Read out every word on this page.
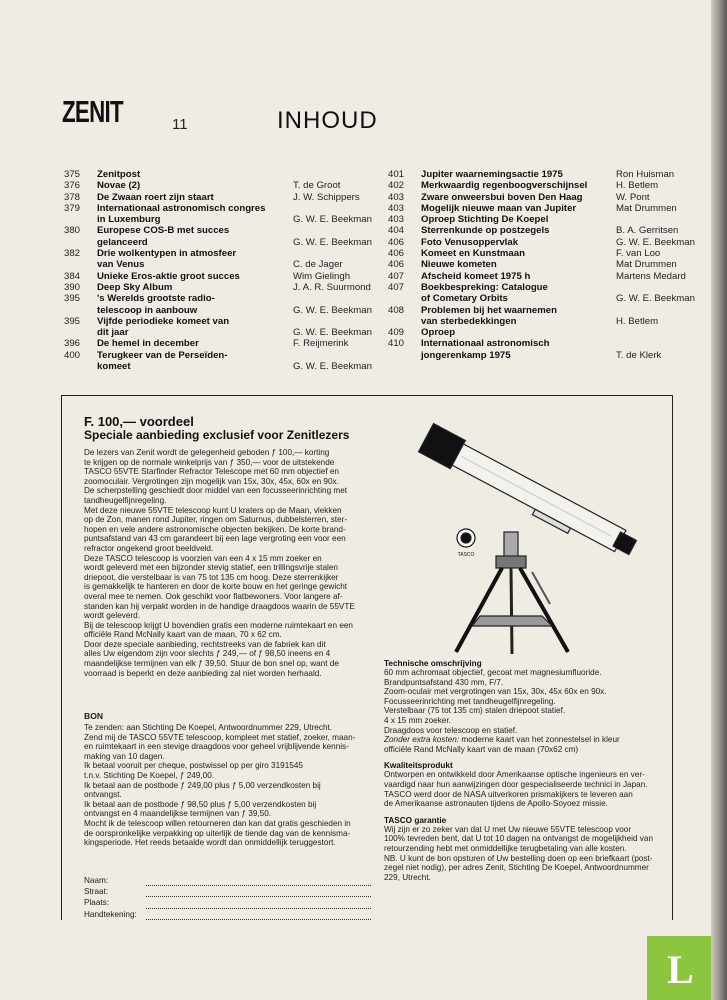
ZENIT	11	INHOUD
375	Zenitpost
376	Novae (2)	T. de Groot
378	De Zwaan roert zijn staart	J. W. Schippers
379	Internationaal astronomisch congres
in Luxemburg	G. W. E. Beekman
380	Europese COS-B met succes
gelanceerd	G. W. E. Beekman
382	Drie wolkentypen in atmosfeer
van Venus	C. de Jager
384	Unieke Eros-aktie groot succes	Wim Gielingh
390	Deep Sky Album	J. A. R. Suurmond
395	's Werelds grootste radio-
telescoop in aanbouw	G. W. E. Beekman
395	Vijfde periodieke komeet van
dit jaar	G. W. E. Beekman
396	De hemel in december	F. Reijmerink
400	Terugkeer van de Perseïden-
komeet	G. W. E. Beekman
401	Jupiter waarnemingsactie 1975	Ron Huisman
402	Merkwaardig regenboogverschijnsel	H. Betlem
403	Zware onweersbui boven Den Haag	W. Pont
403	Mogelijk nieuwe maan van Jupiter	Mat Drummen
403	Oproep Stichting De Koepel
404	Sterrenkunde op postzegels	B. A. Gerritsen
406	Foto Venusoppervlak	G. W. E. Beekman
406	Komeet en Kunstmaan	F. van Loo
406	Nieuwe kometen	Mat Drummen
407	Afscheid komeet 1975 h	Martens Medard
407	Boekbespreking: Catalogue
of Cometary Orbits	G. W. E. Beekman
408	Problemen bij het waarnemen
van sterbedekkingen	H. Betlem
409	Oproep
410	Internationaal astronomisch
jongerenkamp 1975	T. de Klerk
F. 100,— voordeel
Speciale aanbieding exclusief voor Zenitlezers
De lezers van Zenit wordt de gelegenheid geboden ƒ 100,— korting
te krijgen op de normale winkelprijs van ƒ 350,— voor de uitstekende
TASCO 55VTE Starfinder Refractor Telescope met 60 mm objectief en
zoomoculair. Vergrotingen zijn mogelijk van 15x, 30x, 45x, 60x en 90x.
De scherpstelling geschiedt door middel van een focusseerinrichting met
tandheugelfijnregeling.
Met deze nieuwe 55VTE telescoop kunt U kraters op de Maan, vlekken
op de Zon, manen rond Jupiter, ringen om Saturnus, dubbelsterren, ster-
hopen en vele andere astronomische objecten bekijken. De korte brand-
puntsafstand van 43 cm garandeert bij een lage vergroting een voor een
refractor ongekend groot beeldveld.
Deze TASCO telescoop is voorzien van een 4 x 15 mm zoeker en
wordt geleverd met een bijzonder stevig statief, een trillingsvrije stalen
driepoot, die verstelbaar is van 75 tot 135 cm hoog. Deze sterrenkijker
is gemakkelijk te hanteren en door de korte bouw en het geringe gewicht
overal mee te nemen. Ook geschikt voor flatbewoners. Voor langere af-
standen kan hij verpakt worden in de handige draagdoos waarin de 55VTE
wordt geleverd.
Bij de telescoop krijgt U bovendien gratis een moderne ruimtekaart en een
officiële Rand McNally kaart van de maan, 70 x 62 cm.
Door deze speciale aanbieding, rechtstreeks van de fabriek kan dit
alles Uw eigendom zijn voor slechts ƒ 249,— of ƒ 98,50 ineens en 4
maandelijkse termijnen van elk ƒ 39,50. Stuur de bon snel op, want de
voorraad is beperkt en deze aanbieding zal niet worden herhaald.
BON
Te zenden: aan Stichting De Koepel, Antwoordnummer 229, Utrecht.
Zend mij de TASCO 55VTE telescoop, kompleet met statief, zoeker, maan-
en ruimtekaart in een stevige draagdoos voor geheel vrijblijvende kennis-
making van 10 dagen.
Ik betaal vooruit per cheque, postwissel op per giro 3191545
t.n.v. Stichting De Koepel, ƒ 249,00.
Ik betaal aan de postbode ƒ 249,00 plus ƒ 5,00 verzendkosten bij
ontvangst.
Ik betaal aan de postbode ƒ 98,50 plus ƒ 5,00 verzendkosten bij
ontvangst en 4 maandelijkse termijnen van ƒ 39,50.
Mocht ik de telescoop willen retourneren dan kan dat gratis geschieden in
de oorspronkelijke verpakking op uiterlijk de tiende dag van de kennisma-
kingsperiode. Het reeds betaalde wordt dan onmiddellijk teruggestort.
Naam:
Straat:
Plaats:
Handtekening:
TASCO
Technische omschrijving
60 mm achromaat objectief, gecoat met magnesiumfluoride.
Brandpuntsafstand 430 mm, F/7.
Zoom-oculair met vergrotingen van 15x, 30x, 45x 60x en 90x.
Focusseerinrichting met tandheugelfijnregeling.
Verstelbaar (75 tot 135 cm) stalen driepoot statief.
4 x 15 mm zoeker.
Draagdoos voor telescoop en statief.
Zonder extra kosten: moderne kaart van het zonnestelsel in kleur
officiële Rand McNally kaart van de maan (70x62 cm)
Kwaliteitsprodukt
Ontworpen en ontwikkeld door Amerikaanse optische ingenieurs en ver-
vaardigd naar hun aanwijzingen door gespecialiseerde technici in Japan.
TASCO werd door de NASA uitverkoren prismakijkers te leveren aan
de Amerikaanse astronauten tijdens de Apollo-Soyoez missie.
TASCO garantie
Wij zijn er zo zeker van dat U met Uw nieuwe 55VTE telescoop voor
100% tevreden bent, dat U tot 10 dagen na ontvangst de mogelijkheid van
retourzending hebt met onmiddellijke terugbetaling van alle kosten.
NB. U kunt de bon opsturen of Uw bestelling doen op een briefkaart (post-
zegel niet nodig), per adres Zenit, Stichting De Koepel, Antwoordnummer
229, Utrecht.
L
